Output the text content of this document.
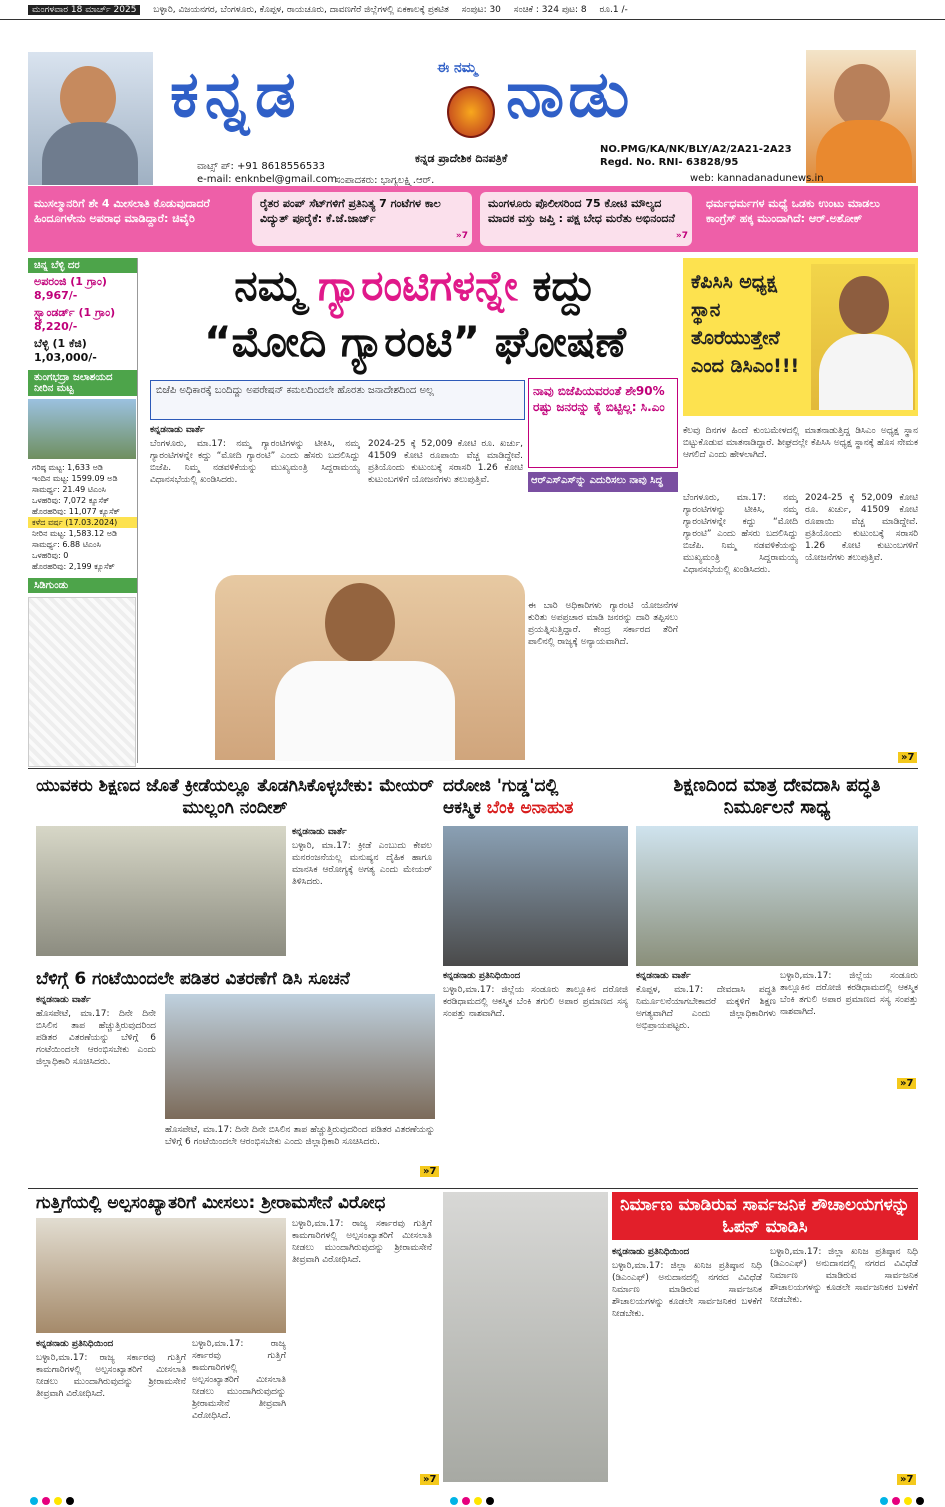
ಮಂಗಳವಾರ 18 ಮಾರ್ಚ್ 2025 ಬಳ್ಳಾರಿ, ವಿಜಯನಗರ, ಬೆಂಗಳೂರು, ಕೊಪ್ಪಳ, ರಾಯಚೂರು, ದಾವಣಗೆರೆ ಜಿಲ್ಲೆಗಳಲ್ಲಿ ಏಕಕಾಲಕ್ಕೆ ಪ್ರಕಟಿತ ಸಂಪುಟ: 30 ಸಂಚಿಕೆ : 324 ಪುಟ: 8 ರೂ.1 /-
ಕನ್ನಡ	ಈ ನಮ್ಮ ನಾಡು
ಕನ್ನಡ ಪ್ರಾದೇಶಿಕ ದಿನಪತ್ರಿಕೆ
ವಾಟ್ಸ್ ಪ್: +91 8618556533
e-mail: enknbel@gmail.com
ಸಂಪಾದಕರು: ಭಾಗ್ಯಲಕ್ಷ್ಮಿ.ಆರ್.
NO.PMG/KA/NK/BLY/A2/2A21-2A23
Regd. No. RNI- 63828/95
web: kannadanadunews.in
ಮುಸಲ್ಮಾನರಿಗೆ ಶೇ 4 ಮೀಸಲಾತಿ ಕೊಡುವುದಾದರೆ ಹಿಂದೂಗಳೇನು ಅಪರಾಧ ಮಾಡಿದ್ದಾರೆ: ಚಿವೈರಿ
ರೈತರ ಪಂಪ್ ಸೆಟ್‌ಗಳಿಗೆ ಪ್ರತಿನಿತ್ಯ 7 ಗಂಟೆಗಳ ಕಾಲ ವಿದ್ಯುತ್ ಪೂರೈಕೆ: ಕೆ.ಜೆ.ಜಾರ್ಜ್
»7
ಮಂಗಳೂರು ಪೊಲೀಸರಿಂದ 75 ಕೋಟಿ ಮೌಲ್ಯದ ಮಾದಕ ವಸ್ತು ಜಪ್ತಿ : ಪಕ್ಷ ಬೇಧ ಮರೆತು ಅಭಿನಂದನೆ
»7
ಧರ್ಮಧರ್ಮಗಳ ಮಧ್ಯೆ ಒಡಕು ಉಂಟು ಮಾಡಲು ಕಾಂಗ್ರೆಸ್ ಹಕ್ಕ ಮುಂದಾಗಿದೆ: ಆರ್.ಅಶೋಕ್
ಚಿನ್ನ ಬೆಳ್ಳಿ ದರ
ಅಪರಂಜಿ (1 ಗ್ರಾಂ) 8,967/-
ಸ್ಟ್ಯಾಂಡರ್ಡ್ (1 ಗ್ರಾಂ) 8,220/-
ಬೆಳ್ಳಿ (1 ಕೆಜಿ) 1,03,000/-
ತುಂಗಭದ್ರಾ ಜಲಾಶಯದ ನೀರಿನ ಮಟ್ಟ
ಗರಿಷ್ಠ ಮಟ್ಟ: 1,633 ಅಡಿ
ಇಂದಿನ ಮಟ್ಟ: 1599.09 ಅಡಿ
ಸಾಮರ್ಥ್ಯ: 21.49 ಟಿಎಂಸಿ
ಒಳಹರಿವು: 7,072 ಕ್ಯೂಸೆಕ್
ಹೊರಹರಿವು: 11,077 ಕ್ಯೂಸೆಕ್
ಕಳೆದ ವರ್ಷ (17.03.2024)
ನೀರಿನ ಮಟ್ಟ: 1,583.12 ಅಡಿ
ಸಾಮರ್ಥ್ಯ: 6.88 ಟಿಎಂಸಿ
ಒಳಹರಿವು: 0
ಹೊರಹರಿವು: 2,199 ಕ್ಯೂಸೆಕ್
ಸಿಡಿಗುಂಡು
ನಮ್ಮ ಗ್ಯಾರಂಟಿಗಳನ್ನೇ ಕದ್ದು
“ಮೋದಿ ಗ್ಯಾರಂಟಿ” ಘೋಷಣೆ
ಬಿಜೆಪಿ ಅಧಿಕಾರಕ್ಕೆ ಬಂದಿದ್ದು ಅಪರೇಷನ್ ಕಮಲದಿಂದಲೇ ಹೊರತು ಜನಾದೇಶದಿಂದ ಅಲ್ಲ	ನಾವು ಬಿಜೆಪಿಯವರಂತೆ ಶೇ90% ರಷ್ಟು ಜನರನ್ನು ಕೈ ಬಿಟ್ಟಿಲ್ಲ: ಸಿ.ಎಂ
ಆರ್‌ಎಸ್‌ಎಸ್‌ನ್ನು ಎದುರಿಸಲು ನಾವು ಸಿದ್ಧ
ಕನ್ನಡನಾಡು ವಾರ್ತೆ
ಬೆಂಗಳೂರು, ಮಾ.17: ನಮ್ಮ ಗ್ಯಾರಂಟಿಗಳನ್ನು ಟೀಕಿಸಿ, ನಮ್ಮ ಗ್ಯಾರಂಟಿಗಳನ್ನೇ ಕದ್ದು “ಮೋದಿ ಗ್ಯಾರಂಟಿ” ಎಂದು ಹೆಸರು ಬದಲಿಸಿದ್ದು ಬಿಜೆಪಿ. ನಿಮ್ಮ ನಡವಳಿಕೆಯನ್ನು ಮುಖ್ಯಮಂತ್ರಿ ಸಿದ್ದರಾಮಯ್ಯ ವಿಧಾನಸಭೆಯಲ್ಲಿ ಖಂಡಿಸಿದರು.
2024-25 ಕ್ಕೆ 52,009 ಕೋಟಿ ರೂ. ಖರ್ಚು, 41509 ಕೋಟಿ ರೂಪಾಯಿ ವೆಚ್ಚ ಮಾಡಿದ್ದೇವೆ. ಪ್ರತಿಯೊಂದು ಕುಟುಂಬಕ್ಕೆ ಸರಾಸರಿ 1.26 ಕೋಟಿ ಕುಟುಂಬಗಳಿಗೆ ಯೋಜನೆಗಳು ತಲುಪುತ್ತಿವೆ.
ಈ ಬಾರಿ ಅಧಿಕಾರಿಗಳು ಗ್ಯಾರಂಟಿ ಯೋಜನೆಗಳ ಕುರಿತು ಅಪಪ್ರಚಾರ ಮಾಡಿ ಜನರನ್ನು ದಾರಿ ತಪ್ಪಿಸಲು ಪ್ರಯತ್ನಿಸುತ್ತಿದ್ದಾರೆ. ಕೇಂದ್ರ ಸರ್ಕಾರದ ತೆರಿಗೆ ಪಾಲಿನಲ್ಲಿ ರಾಜ್ಯಕ್ಕೆ ಅನ್ಯಾಯವಾಗಿದೆ.
ಕೆಪಿಸಿಸಿ ಅಧ್ಯಕ್ಷ ಸ್ಥಾನ ತೊರೆಯುತ್ತೇನೆ ಎಂದ ಡಿಸಿಎಂ!!!
ಕೆಲವು ದಿನಗಳ ಹಿಂದೆ ಕುಂಬಮೇಳದಲ್ಲಿ ಮಾತನಾಡುತ್ತಿದ್ದ ಡಿಸಿಎಂ ಅಧ್ಯಕ್ಷ ಸ್ಥಾನ ಬಿಟ್ಟುಕೊಡುವ ಮಾತನಾಡಿದ್ದಾರೆ. ಶೀಘ್ರದಲ್ಲೇ ಕೆಪಿಸಿಸಿ ಅಧ್ಯಕ್ಷ ಸ್ಥಾನಕ್ಕೆ ಹೊಸ ನೇಮಕ ಆಗಲಿದೆ ಎಂದು ಹೇಳಲಾಗಿದೆ.
ಬೆಂಗಳೂರು, ಮಾ.17: ನಮ್ಮ ಗ್ಯಾರಂಟಿಗಳನ್ನು ಟೀಕಿಸಿ, ನಮ್ಮ ಗ್ಯಾರಂಟಿಗಳನ್ನೇ ಕದ್ದು “ಮೋದಿ ಗ್ಯಾರಂಟಿ” ಎಂದು ಹೆಸರು ಬದಲಿಸಿದ್ದು ಬಿಜೆಪಿ. ನಿಮ್ಮ ನಡವಳಿಕೆಯನ್ನು ಮುಖ್ಯಮಂತ್ರಿ ಸಿದ್ದರಾಮಯ್ಯ ವಿಧಾನಸಭೆಯಲ್ಲಿ ಖಂಡಿಸಿದರು.
2024-25 ಕ್ಕೆ 52,009 ಕೋಟಿ ರೂ. ಖರ್ಚು, 41509 ಕೋಟಿ ರೂಪಾಯಿ ವೆಚ್ಚ ಮಾಡಿದ್ದೇವೆ. ಪ್ರತಿಯೊಂದು ಕುಟುಂಬಕ್ಕೆ ಸರಾಸರಿ 1.26 ಕೋಟಿ ಕುಟುಂಬಗಳಿಗೆ ಯೋಜನೆಗಳು ತಲುಪುತ್ತಿವೆ.
»7
ಯುವಕರು ಶಿಕ್ಷಣದ ಜೊತೆ ಕ್ರೀಡೆಯಲ್ಲೂ ತೊಡಗಿಸಿಕೊಳ್ಳಬೇಕು: ಮೇಯರ್ ಮುಲ್ಲಂಗಿ ನಂದೀಶ್
ಕನ್ನಡನಾಡು ವಾರ್ತೆ
ಬಳ್ಳಾರಿ, ಮಾ.17: ಕ್ರೀಡೆ ಎಂಬುದು ಕೇವಲ ಮನರಂಜನೆಯಲ್ಲ ಮನುಷ್ಯನ ದೈಹಿಕ ಹಾಗೂ ಮಾನಸಿಕ ಆರೋಗ್ಯಕ್ಕೆ ಅಗತ್ಯ ಎಂದು ಮೇಯರ್ ತಿಳಿಸಿದರು.
ದರೋಜಿ 'ಗುಡ್ಡ'ದಲ್ಲಿ
ಆಕಸ್ಮಿಕ ಬೆಂಕಿ ಅನಾಹುತ
ಕನ್ನಡನಾಡು ಪ್ರತಿನಿಧಿಯಿಂದ
ಬಳ್ಳಾರಿ,ಮಾ.17: ಜಿಲ್ಲೆಯ ಸಂಡೂರು ತಾಲ್ಲೂಕಿನ ದರೋಜಿ ಕರಡಿಧಾಮದಲ್ಲಿ ಆಕಸ್ಮಿಕ ಬೆಂಕಿ ತಗುಲಿ ಅಪಾರ ಪ್ರಮಾಣದ ಸಸ್ಯ ಸಂಪತ್ತು ನಾಶವಾಗಿದೆ.
ಶಿಕ್ಷಣದಿಂದ ಮಾತ್ರ ದೇವದಾಸಿ ಪದ್ಧತಿ ನಿರ್ಮೂಲನೆ ಸಾಧ್ಯ
ಕನ್ನಡನಾಡು ವಾರ್ತೆ
ಕೊಪ್ಪಳ, ಮಾ.17: ದೇವದಾಸಿ ಪದ್ಧತಿ ನಿರ್ಮೂಲನೆಯಾಗಬೇಕಾದರೆ ಮಕ್ಕಳಿಗೆ ಶಿಕ್ಷಣ ಅಗತ್ಯವಾಗಿದೆ ಎಂದು ಜಿಲ್ಲಾಧಿಕಾರಿಗಳು ಅಭಿಪ್ರಾಯಪಟ್ಟರು.
ಬಳ್ಳಾರಿ,ಮಾ.17: ಜಿಲ್ಲೆಯ ಸಂಡೂರು ತಾಲ್ಲೂಕಿನ ದರೋಜಿ ಕರಡಿಧಾಮದಲ್ಲಿ ಆಕಸ್ಮಿಕ ಬೆಂಕಿ ತಗುಲಿ ಅಪಾರ ಪ್ರಮಾಣದ ಸಸ್ಯ ಸಂಪತ್ತು ನಾಶವಾಗಿದೆ.
»7
ಬೆಳಿಗ್ಗೆ 6 ಗಂಟೆಯಿಂದಲೇ ಪಡಿತರ ವಿತರಣೆಗೆ ಡಿಸಿ ಸೂಚನೆ
ಕನ್ನಡನಾಡು ವಾರ್ತೆ
ಹೊಸಪೇಟೆ, ಮಾ.17: ದಿನೇ ದಿನೇ ಬಿಸಿಲಿನ ತಾಪ ಹೆಚ್ಚುತ್ತಿರುವುದರಿಂದ ಪಡಿತರ ವಿತರಣೆಯನ್ನು ಬೆಳಿಗ್ಗೆ 6 ಗಂಟೆಯಿಂದಲೇ ಆರಂಭಿಸಬೇಕು ಎಂದು ಜಿಲ್ಲಾಧಿಕಾರಿ ಸೂಚಿಸಿದರು.
ಹೊಸಪೇಟೆ, ಮಾ.17: ದಿನೇ ದಿನೇ ಬಿಸಿಲಿನ ತಾಪ ಹೆಚ್ಚುತ್ತಿರುವುದರಿಂದ ಪಡಿತರ ವಿತರಣೆಯನ್ನು ಬೆಳಿಗ್ಗೆ 6 ಗಂಟೆಯಿಂದಲೇ ಆರಂಭಿಸಬೇಕು ಎಂದು ಜಿಲ್ಲಾಧಿಕಾರಿ ಸೂಚಿಸಿದರು.
»7
ಗುತ್ತಿಗೆಯಲ್ಲಿ ಅಲ್ಪಸಂಖ್ಯಾತರಿಗೆ ಮೀಸಲು: ಶ್ರೀರಾಮಸೇನೆ ವಿರೋಧ
ಕನ್ನಡನಾಡು ಪ್ರತಿನಿಧಿಯಿಂದ
ಬಳ್ಳಾರಿ,ಮಾ.17: ರಾಜ್ಯ ಸರ್ಕಾರವು ಗುತ್ತಿಗೆ ಕಾಮಗಾರಿಗಳಲ್ಲಿ ಅಲ್ಪಸಂಖ್ಯಾತರಿಗೆ ಮೀಸಲಾತಿ ನೀಡಲು ಮುಂದಾಗಿರುವುದನ್ನು ಶ್ರೀರಾಮಸೇನೆ ತೀವ್ರವಾಗಿ ವಿರೋಧಿಸಿದೆ.
ಬಳ್ಳಾರಿ,ಮಾ.17: ರಾಜ್ಯ ಸರ್ಕಾರವು ಗುತ್ತಿಗೆ ಕಾಮಗಾರಿಗಳಲ್ಲಿ ಅಲ್ಪಸಂಖ್ಯಾತರಿಗೆ ಮೀಸಲಾತಿ ನೀಡಲು ಮುಂದಾಗಿರುವುದನ್ನು ಶ್ರೀರಾಮಸೇನೆ ತೀವ್ರವಾಗಿ ವಿರೋಧಿಸಿದೆ.
ಬಳ್ಳಾರಿ,ಮಾ.17: ರಾಜ್ಯ ಸರ್ಕಾರವು ಗುತ್ತಿಗೆ ಕಾಮಗಾರಿಗಳಲ್ಲಿ ಅಲ್ಪಸಂಖ್ಯಾತರಿಗೆ ಮೀಸಲಾತಿ ನೀಡಲು ಮುಂದಾಗಿರುವುದನ್ನು ಶ್ರೀರಾಮಸೇನೆ ತೀವ್ರವಾಗಿ ವಿರೋಧಿಸಿದೆ.
»7
ನಿರ್ಮಾಣ ಮಾಡಿರುವ ಸಾರ್ವಜನಿಕ ಶೌಚಾಲಯಗಳನ್ನು ಓಪನ್ ಮಾಡಿಸಿ
ಕನ್ನಡನಾಡು ಪ್ರತಿನಿಧಿಯಿಂದ
ಬಳ್ಳಾರಿ,ಮಾ.17: ಜಿಲ್ಲಾ ಖನಿಜ ಪ್ರತಿಷ್ಠಾನ ನಿಧಿ (ಡಿಎಂಎಫ್) ಅನುದಾನದಲ್ಲಿ ನಗರದ ವಿವಿಧೆಡೆ ನಿರ್ಮಾಣ ಮಾಡಿರುವ ಸಾರ್ವಜನಿಕ ಶೌಚಾಲಯಗಳನ್ನು ಕೂಡಲೇ ಸಾರ್ವಜನಿಕರ ಬಳಕೆಗೆ ನೀಡಬೇಕು.
ಬಳ್ಳಾರಿ,ಮಾ.17: ಜಿಲ್ಲಾ ಖನಿಜ ಪ್ರತಿಷ್ಠಾನ ನಿಧಿ (ಡಿಎಂಎಫ್) ಅನುದಾನದಲ್ಲಿ ನಗರದ ವಿವಿಧೆಡೆ ನಿರ್ಮಾಣ ಮಾಡಿರುವ ಸಾರ್ವಜನಿಕ ಶೌಚಾಲಯಗಳನ್ನು ಕೂಡಲೇ ಸಾರ್ವಜನಿಕರ ಬಳಕೆಗೆ ನೀಡಬೇಕು.
»7
